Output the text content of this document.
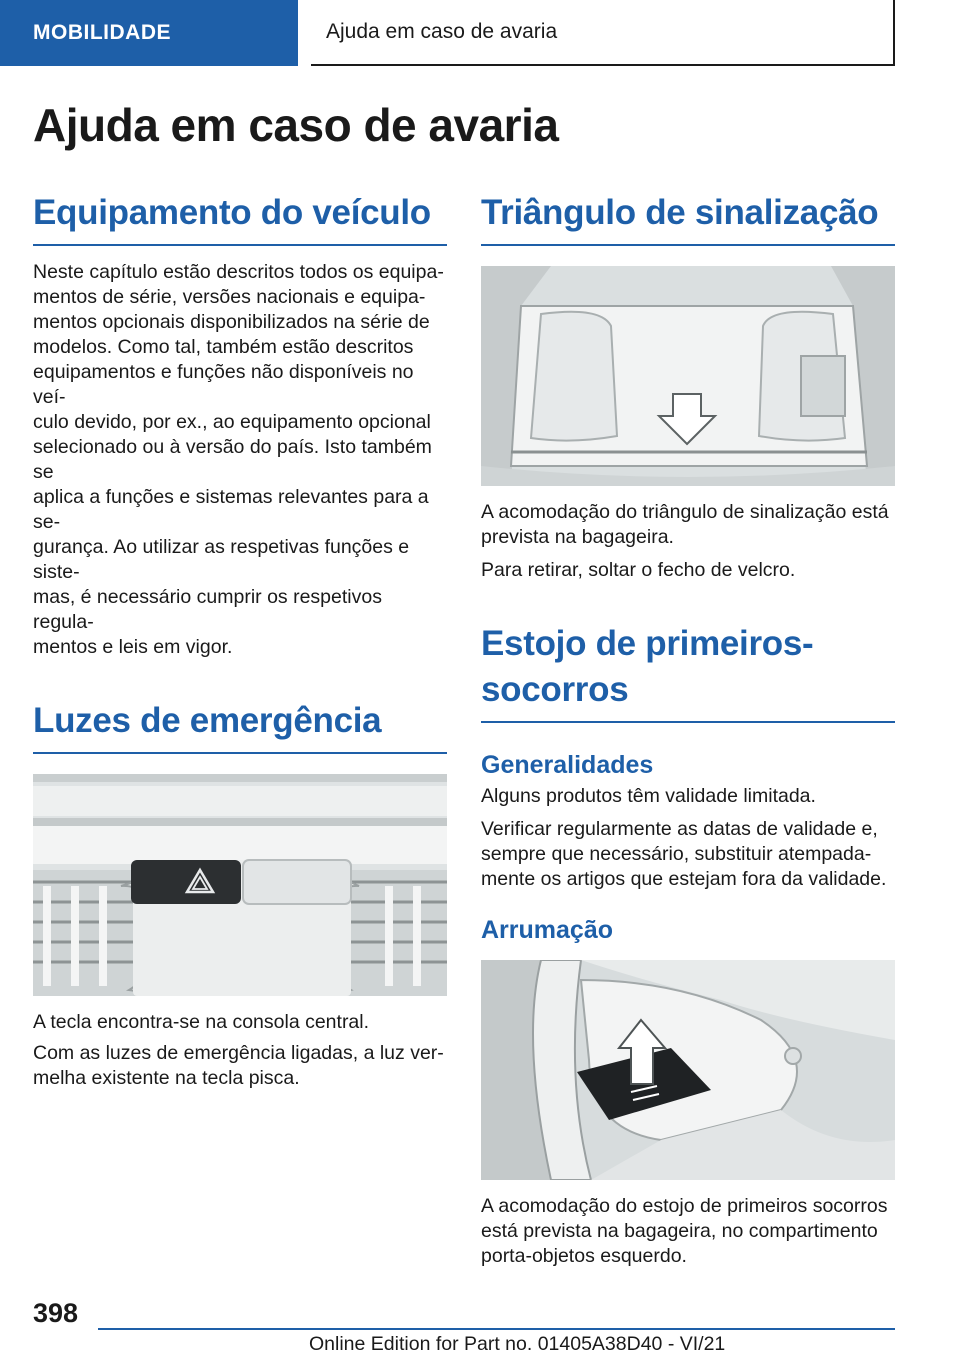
MOBILIDADE	Ajuda em caso de avaria
Ajuda em caso de avaria
Equipamento do veículo

Neste capítulo estão descritos todos os equipa-

mentos de série, versões nacionais e equipa-

mentos opcionais disponibilizados na série de

modelos. Como tal, também estão descritos

equipamentos e funções não disponíveis no veí-

culo devido, por ex., ao equipamento opcional

selecionado ou à versão do país. Isto também se

aplica a funções e sistemas relevantes para a se-

gurança. Ao utilizar as respetivas funções e siste-

mas, é necessário cumprir os respetivos regula-

mentos e leis em vigor.

Luzes de emergência

A tecla encontra-se na consola central.

Com as luzes de emergência ligadas, a luz ver-

melha existente na tecla pisca.

Triângulo de sinalização

A acomodação do triângulo de sinalização está

prevista na bagageira.

Para retirar, soltar o fecho de velcro.

Estojo de primeiros-
socorros
Generalidades

Alguns produtos têm validade limitada.

Verificar regularmente as datas de validade e,

sempre que necessário, substituir atempada-

mente os artigos que estejam fora da validade.

Arrumação

A acomodação do estojo de primeiros socorros

está prevista na bagageira, no compartimento

porta-objetos esquerdo.

398
Online Edition for Part no. 01405A38D40 - VI/21
